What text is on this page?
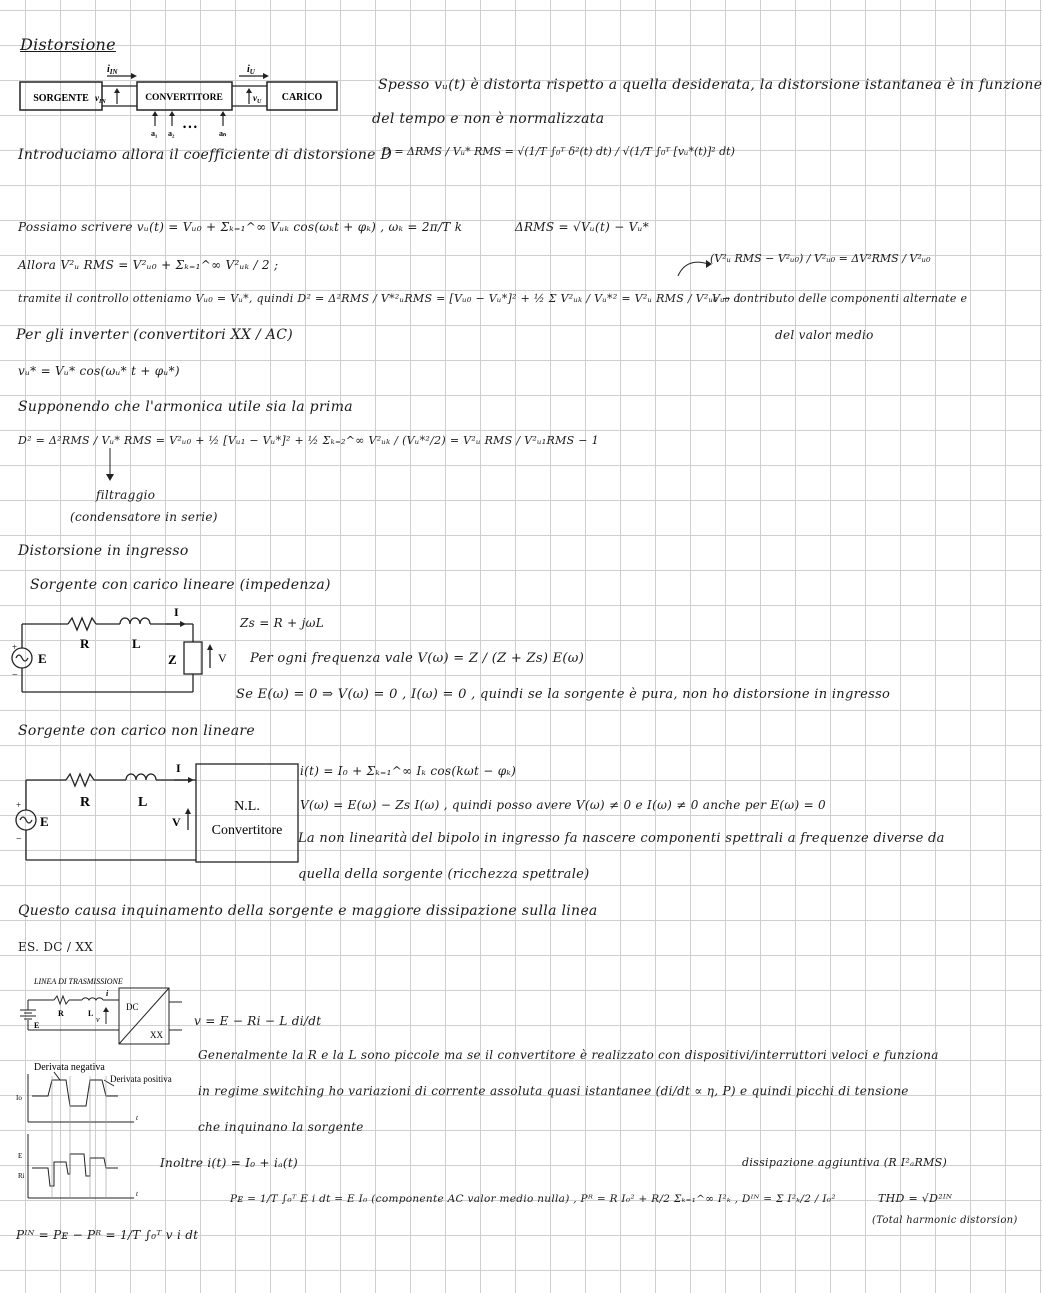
Distorsione
SORGENTE	CONVERTITORE	CARICO
$i_{IN}$	$i_U$
$v_{IN}$	$v_U$
a₁ a₂
• • •
aₙ
Spesso vᵤ(t) è distorta rispetto a quella desiderata, la distorsione istantanea è in funzione
del tempo e non è normalizzata
Introduciamo allora il coefficiente di distorsione D
D = ΔRMS / Vᵤ* RMS = √(1/T ∫₀ᵀ δ²(t) dt) / √(1/T ∫₀ᵀ [vᵤ*(t)]² dt)
Possiamo scrivere vᵤ(t) = Vᵤ₀ + Σₖ₌₁^∞ Vᵤₖ cos(ωₖt + φₖ) , ωₖ = 2π/T k	ΔRMS = √Vᵤ(t) − Vᵤ*
(V²ᵤ RMS − V²ᵤ₀) / V²ᵤ₀ = ΔV²RMS / V²ᵤ₀
Allora V²ᵤ RMS = V²ᵤ₀ + Σₖ₌₁^∞ V²ᵤₖ / 2 ;
tramite il controllo otteniamo Vᵤ₀ = Vᵤ*, quindi D² = Δ²RMS / V*²ᵤRMS = [Vᵤ₀ − Vᵤ*]² + ½ Σ V²ᵤₖ / Vᵤ*² = V²ᵤ RMS / V²ᵤ₀ − 1
Vᵤ₀ contributo delle componenti alternate e
del valor medio
Per gli inverter (convertitori XX / AC)
vᵤ* = Vᵤ* cos(ωᵤ* t + φᵤ*)
Supponendo che l'armonica utile sia la prima
D² = Δ²RMS / Vᵤ* RMS = V²ᵤ₀ + ½ [Vᵤ₁ − Vᵤ*]² + ½ Σₖ₌₂^∞ V²ᵤₖ / (Vᵤ*²/2) = V²ᵤ RMS / V²ᵤ₁RMS − 1
filtraggio
(condensatore in serie)
Distorsione in ingresso
Sorgente con carico lineare (impedenza)
+
−
E
R	L
Z
I
V
Zs = R + jωL
Per ogni frequenza vale V(ω) = Z / (Z + Zs) E(ω)
Se E(ω) = 0 ⇒ V(ω) = 0 , I(ω) = 0 , quindi se la sorgente è pura, non ho distorsione in ingresso
Sorgente con carico non lineare
+
−
E
R	L
I
V
N.L.
Convertitore
i(t) = I₀ + Σₖ₌₁^∞ Iₖ cos(kωt − φₖ)
V(ω) = E(ω) − Zs I(ω) , quindi posso avere V(ω) ≠ 0 e I(ω) ≠ 0 anche per E(ω) = 0
La non linearità del bipolo in ingresso fa nascere componenti spettrali a frequenze diverse da
quella della sorgente (ricchezza spettrale)
Questo causa inquinamento della sorgente e maggiore dissipazione sulla linea
ES. DC / XX
LINEA DI TRASMISSIONE
E
R	L
i
v
DC
XX
v = E − Ri − L di/dt
Generalmente la R e la L sono piccole ma se il convertitore è realizzato con dispositivi/interruttori veloci e funziona
in regime switching ho variazioni di corrente assoluta quasi istantanee (di/dt ∝ η, P) e quindi picchi di tensione
che inquinano la sorgente
Derivata negativa
Derivata positiva
Io
t
E
Ri
t
Inoltre i(t) = I₀ + iₐ(t)	dissipazione aggiuntiva (R I²ₐRMS)
Pᴇ = 1/T ∫₀ᵀ E i dt = E I₀ (componente AC valor medio nulla) , Pᴿ = R I₀² + R/2 Σₖ₌₁^∞ I²ₖ , Dᴵᴺ = Σ I²ₖ/2 / I₀²	THD = √D²ᴵᴺ
(Total harmonic distorsion)
Pᴵᴺ = Pᴇ − Pᴿ = 1/T ∫₀ᵀ v i dt
